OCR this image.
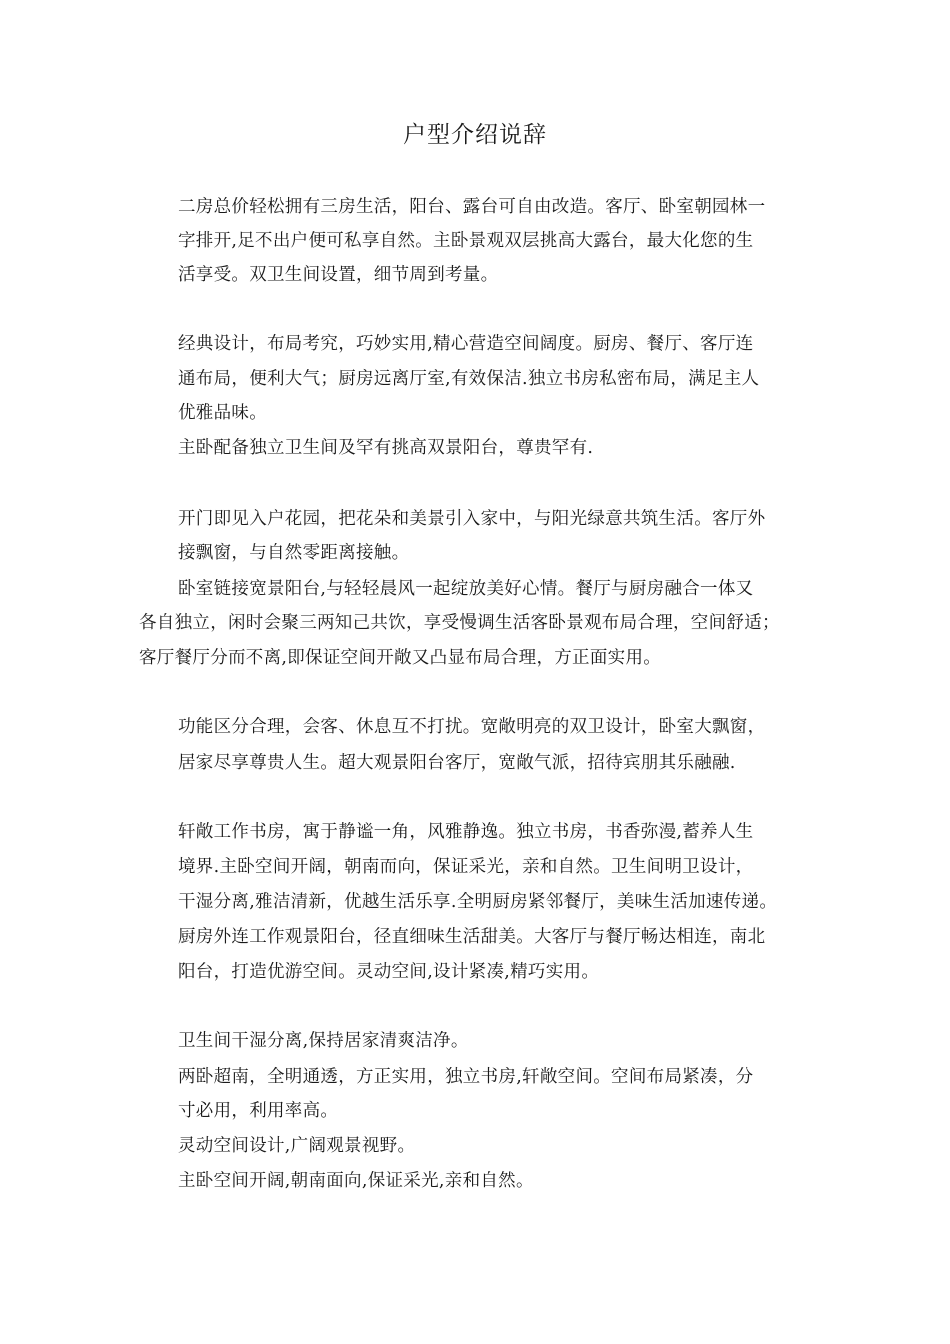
户型介绍说辞
二房总价轻松拥有三房生活，阳台、露台可自由改造。客厅、卧室朝园林一
字排开,足不出户便可私享自然。主卧景观双层挑高大露台，最大化您的生
活享受。双卫生间设置，细节周到考量。
经典设计，布局考究，巧妙实用,精心营造空间阔度。厨房、餐厅、客厅连
通布局，便利大气；厨房远离厅室,有效保洁.独立书房私密布局，满足主人
优雅品味。
主卧配备独立卫生间及罕有挑高双景阳台，尊贵罕有.
开门即见入户花园，把花朵和美景引入家中，与阳光绿意共筑生活。客厅外
接飘窗，与自然零距离接触。
卧室链接宽景阳台,与轻轻晨风一起绽放美好心情。餐厅与厨房融合一体又
各自独立，闲时会聚三两知己共饮，享受慢调生活客卧景观布局合理，空间舒适；
客厅餐厅分而不离,即保证空间开敞又凸显布局合理，方正面实用。
功能区分合理，会客、休息互不打扰。宽敞明亮的双卫设计，卧室大飘窗，
居家尽享尊贵人生。超大观景阳台客厅，宽敞气派，招待宾朋其乐融融.
轩敞工作书房，寓于静谧一角，风雅静逸。独立书房，书香弥漫,蓄养人生
境界.主卧空间开阔，朝南而向，保证采光，亲和自然。卫生间明卫设计，
干湿分离,雅洁清新，优越生活乐享.全明厨房紧邻餐厅，美味生活加速传递。
厨房外连工作观景阳台，径直细味生活甜美。大客厅与餐厅畅达相连，南北
阳台，打造优游空间。灵动空间,设计紧凑,精巧实用。
卫生间干湿分离,保持居家清爽洁净。
两卧超南，全明通透，方正实用，独立书房,轩敞空间。空间布局紧凑，分
寸必用，利用率高。
灵动空间设计,广阔观景视野。
主卧空间开阔,朝南面向,保证采光,亲和自然。
